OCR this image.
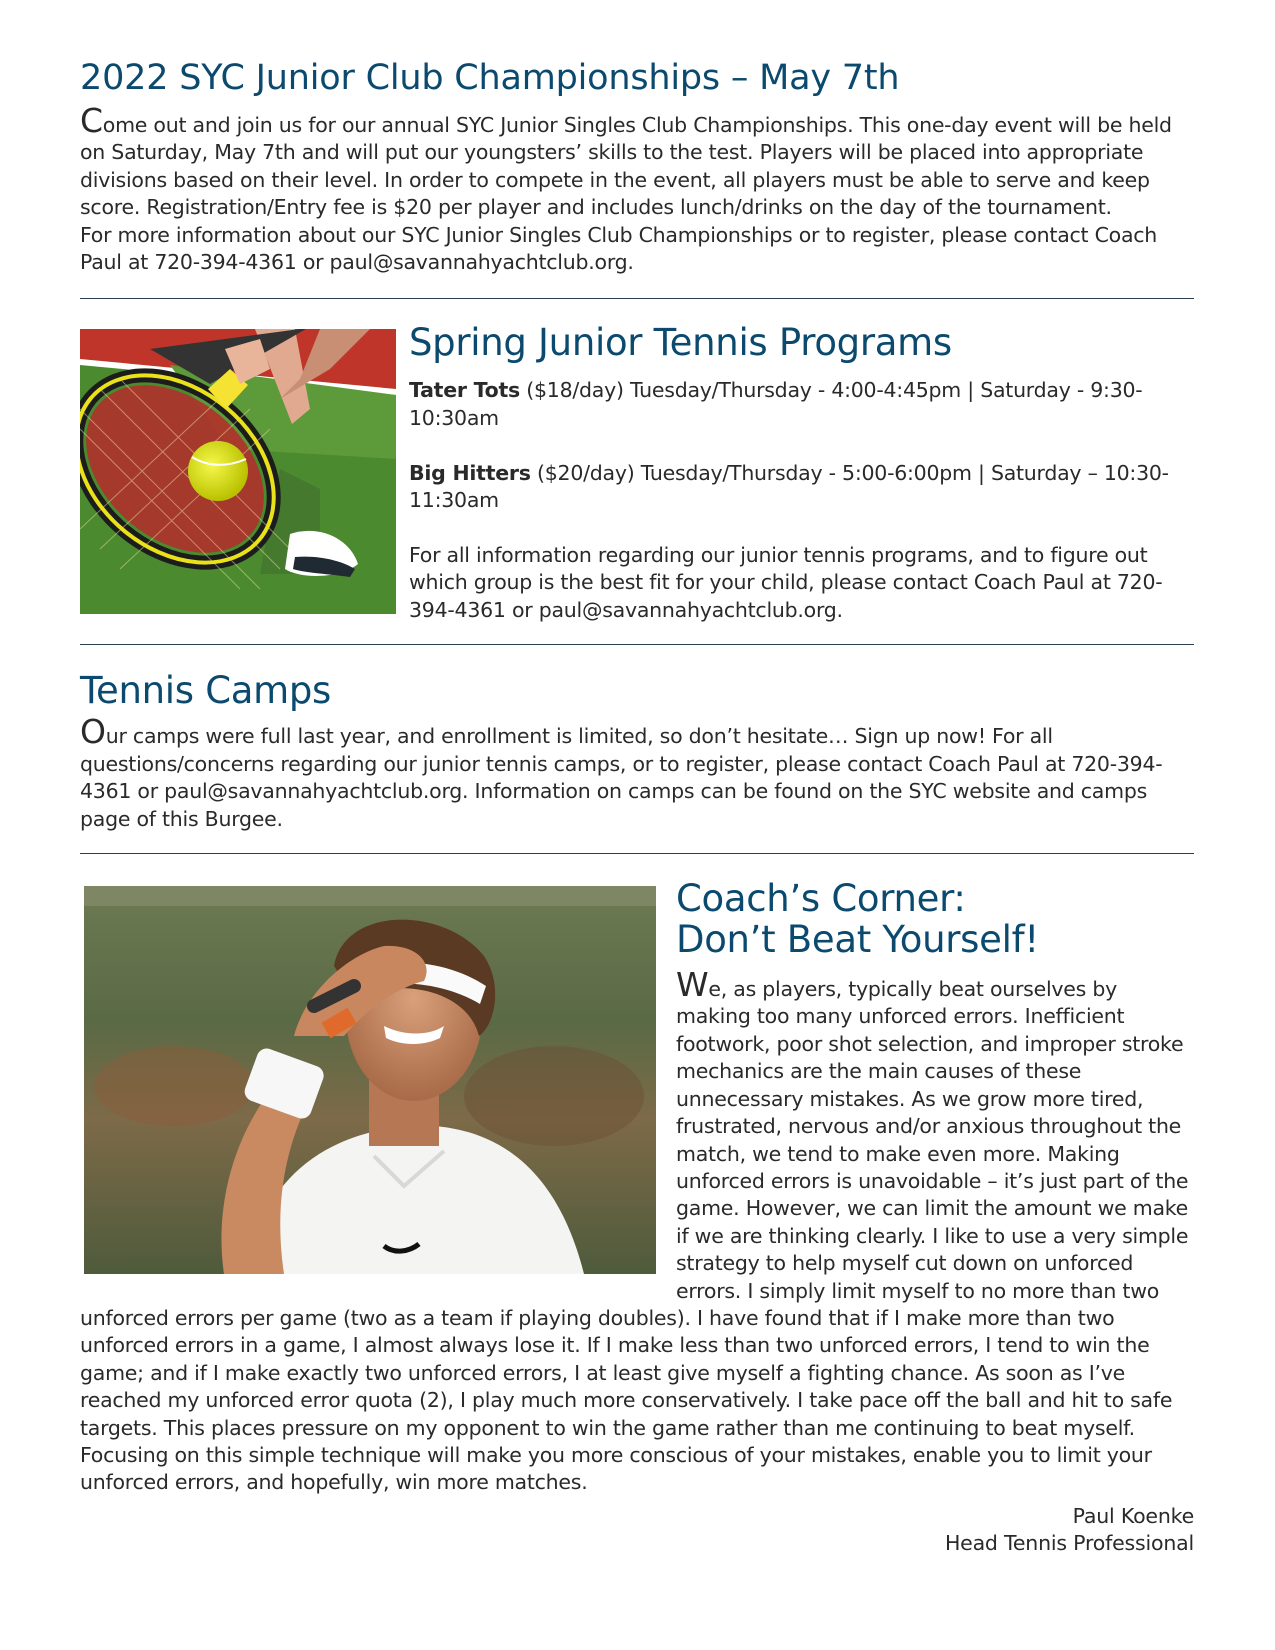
2022 SYC Junior Club Championships – May 7th

Come out and join us for our annual SYC Junior Singles Club Championships. This one-day event will be held on Saturday, May 7th and will put our youngsters’ skills to the test. Players will be placed into appropriate divisions based on their level. In order to compete in the event, all players must be able to serve and keep score. Registration/Entry fee is $20 per player and includes lunch/drinks on the day of the tournament.

For more information about our SYC Junior Singles Club Championships or to register, please contact Coach Paul at 720-394-4361 or paul@savannahyachtclub.org.

Spring Junior Tennis Programs

Tater Tots ($18/day) Tuesday/Thursday - 4:00-4:45pm | Saturday - 9:30-10:30am

Big Hitters ($20/day) Tuesday/Thursday - 5:00-6:00pm | Saturday – 10:30-11:30am

For all information regarding our junior tennis programs, and to figure out which group is the best fit for your child, please contact Coach Paul at 720-394-4361 or paul@savannahyachtclub.org.

Tennis Camps

Our camps were full last year, and enrollment is limited, so don’t hesitate… Sign up now! For all questions/concerns regarding our junior tennis camps, or to register, please contact Coach Paul at 720-394-4361 or paul@savannahyachtclub.org. Information on camps can be found on the SYC website and camps page of this Burgee.

Coach’s Corner:
Don’t Beat Yourself!

We, as players, typically beat ourselves by making too many unforced errors. Inefficient footwork, poor shot selection, and improper stroke mechanics are the main causes of these unnecessary mistakes. As we grow more tired, frustrated, nervous and/or anxious throughout the match, we tend to make even more. Making unforced errors is unavoidable – it’s just part of the game. However, we can limit the amount we make if we are thinking clearly. I like to use a very simple strategy to help myself cut down on unforced errors. I simply limit myself to no more than two unforced errors per game (two as a team if playing doubles). I have found that if I make more than two unforced errors in a game, I almost always lose it. If I make less than two unforced errors, I tend to win the game; and if I make exactly two unforced errors, I at least give myself a fighting chance. As soon as I’ve reached my unforced error quota (2), I play much more conservatively. I take pace off the ball and hit to safe targets. This places pressure on my opponent to win the game rather than me continuing to beat myself. Focusing on this simple technique will make you more conscious of your mistakes, enable you to limit your unforced errors, and hopefully, win more matches.

Paul Koenke
Head Tennis Professional
